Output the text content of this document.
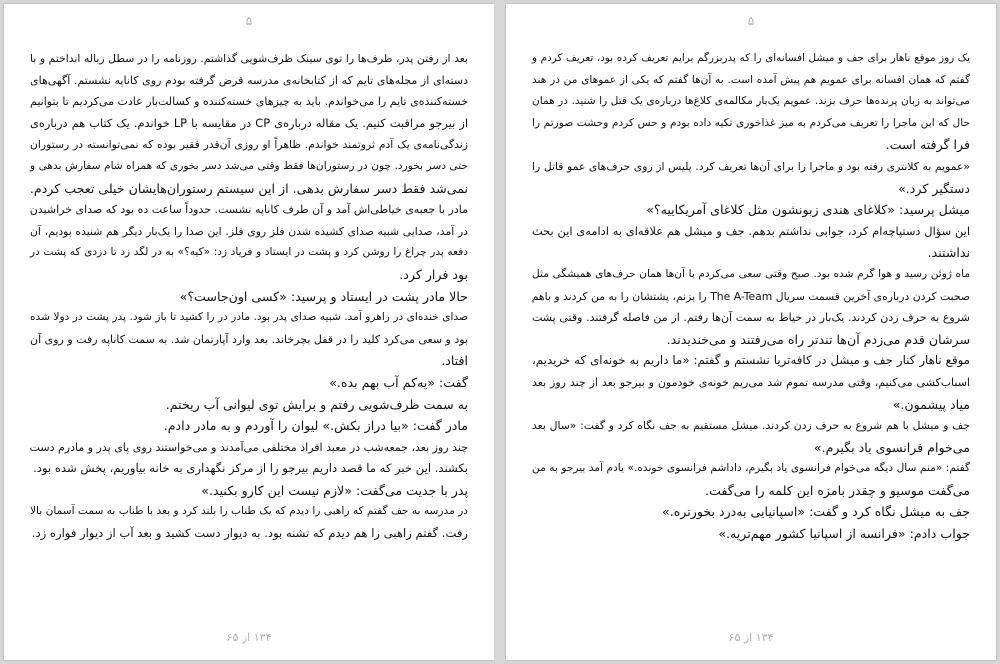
۵
بعد از رفتن پدر، ظرف‌ها را توی سینک ظرف‌شویی گذاشتم. روزنامه را در سطل زباله انداختم و با
دسته‌ای از مجله‌های تایم که از کتابخانه‌ی مدرسه قرض گرفته بودم روی کاناپه نشستم. آگهی‌های
خسته‌کننده‌ی تایم را می‌خواندم. باید به چیزهای خسته‌کننده و کسالت‌بار عادت می‌کردیم تا بتوانیم
از بیرجو مراقبت کنیم. یک مقاله درباره‌ی CP در مقایسه با LP خواندم. یک کتاب هم درباره‌ی
زندگی‌نامه‌ی یک آدم ثروتمند خواندم. ظاهراً او روزی آن‌قدر فقیر بوده که نمی‌توانسته در رستوران
حتی دسر بخورد. چون در رستوران‌ها فقط وقتی می‌شد دسر بخوری که همراه شام سفارش بدهی و
نمی‌شد فقط دسر سفارش بدهی. از این سیستم رستوران‌هایشان خیلی تعجب کردم.
مادر با جعبه‌ی خیاطی‌اش آمد و آن طرف کاناپه نشست. حدوداً ساعت ده بود که صدای خراشیدن
در آمد، صدایی شبیه صدای کشیده شدن فلز روی فلز. این صدا را یک‌بار دیگر هم شنیده بودیم، آن
دفعه پدر چراغ را روشن کرد و پشت در ایستاد و فریاد زد: «کیه؟» به در لگد زد تا دزدی که پشت در
بود فرار کرد.
حالا مادر پشت در ایستاد و پرسید: «کسی اون‌جاست؟»
صدای خنده‌ای در راهرو آمد. شبیه صدای پدر بود. مادر در را کشید تا باز شود. پدر پشت در دولا شده
بود و سعی می‌کرد کلید را در قفل بچرخاند. بعد وارد آپارتمان شد. به سمت کاناپه رفت و روی آن
افتاد.
گفت: «یه‌کم آب بهم بده.»
به سمت ظرف‌شویی رفتم و برایش توی لیوانی آب ریختم.
مادر گفت: «بیا دراز بکش.» لیوان را آوردم و به مادر دادم.
چند روز بعد، جمعه‌شب در معبد افراد مختلفی می‌آمدند و می‌خواستند روی پای پدر و مادرم دست
بکشند. این خبر که ما قصد داریم بیرجو را از مرکز نگهداری به خانه بیاوریم، پخش شده بود.
پدر با جدیت می‌گفت: «لازم نیست این کارو بکنید.»
در مدرسه به جف گفتم که راهبی را دیدم که یک طناب را بلند کرد و بعد با طناب به سمت آسمان بالا
رفت. گفتم راهبی را هم دیدم که تشنه بود. به دیوار دست کشید و بعد آب از دیوار فواره زد.
۱۳۴ از ۶۵
۵
یک روز موقع ناهار برای جف و میشل افسانه‌ای را که پدربزرگم برایم تعریف کرده بود، تعریف کردم و
گفتم که همان افسانه برای عمویم هم پیش آمده است. به آن‌ها گفتم که یکی از عموهای من در هند
می‌تواند به زبان پرنده‌ها حرف بزند. عمویم یک‌بار مکالمه‌ی کلاغ‌ها درباره‌ی یک قتل را شنید. در همان
حال که این ماجرا را تعریف می‌کردم به میز غذاخوری تکیه داده بودم و حس کردم وحشت صورتم را
فرا گرفته است.
«عمویم به کلانتری رفته بود و ماجرا را برای آن‌ها تعریف کرد. پلیس از روی حرف‌های عمو قاتل را
دستگیر کرد.»
میشل پرسید: «کلاغای هندی زبونشون مثل کلاغای آمریکاییه؟»
این سؤال دستپاچه‌ام کرد، جوابی نداشتم بدهم. جف و میشل هم علاقه‌ای به ادامه‌ی این بحث
نداشتند.
ماه ژوئن رسید و هوا گرم شده بود. صبح وقتی سعی می‌کردم با آن‌ها همان حرف‌های همیشگی مثل
صحبت کردن درباره‌ی آخرین قسمت سریال The A-Team را بزنم، پشتشان را به من کردند و باهم
شروع به حرف زدن کردند. یک‌بار در حیاط به سمت آن‌ها رفتم. از من فاصله گرفتند. وقتی پشت
سرشان قدم می‌زدم آن‌ها تندتر راه می‌رفتند و می‌خندیدند.
موقع ناهار کنار جف و میشل در کافه‌تریا نشستم و گفتم: «ما داریم به خونه‌ای که خریدیم،
اسباب‌کشی می‌کنیم، وقتی مدرسه تموم شد می‌ریم خونه‌ی خودمون و بیرجو بعد از چند روز بعد
میاد پیشمون.»
جف و میشل با هم شروع به حرف زدن کردند. میشل مستقیم به جف نگاه کرد و گفت: «سال بعد
می‌خوام فرانسوی یاد بگیرم.»
گفتم: «منم سال دیگه می‌خوام فرانسوی یاد بگیرم، داداشم فرانسوی خونده.» یادم آمد بیرجو به من
می‌گفت موسیو و چقدر بامزه این کلمه را می‌گفت.
جف به میشل نگاه کرد و گفت: «اسپانیایی به‌درد بخورتره.»
جواب دادم: «فرانسه از اسپانیا کشور مهم‌تریه.»
۱۳۴ از ۶۵
